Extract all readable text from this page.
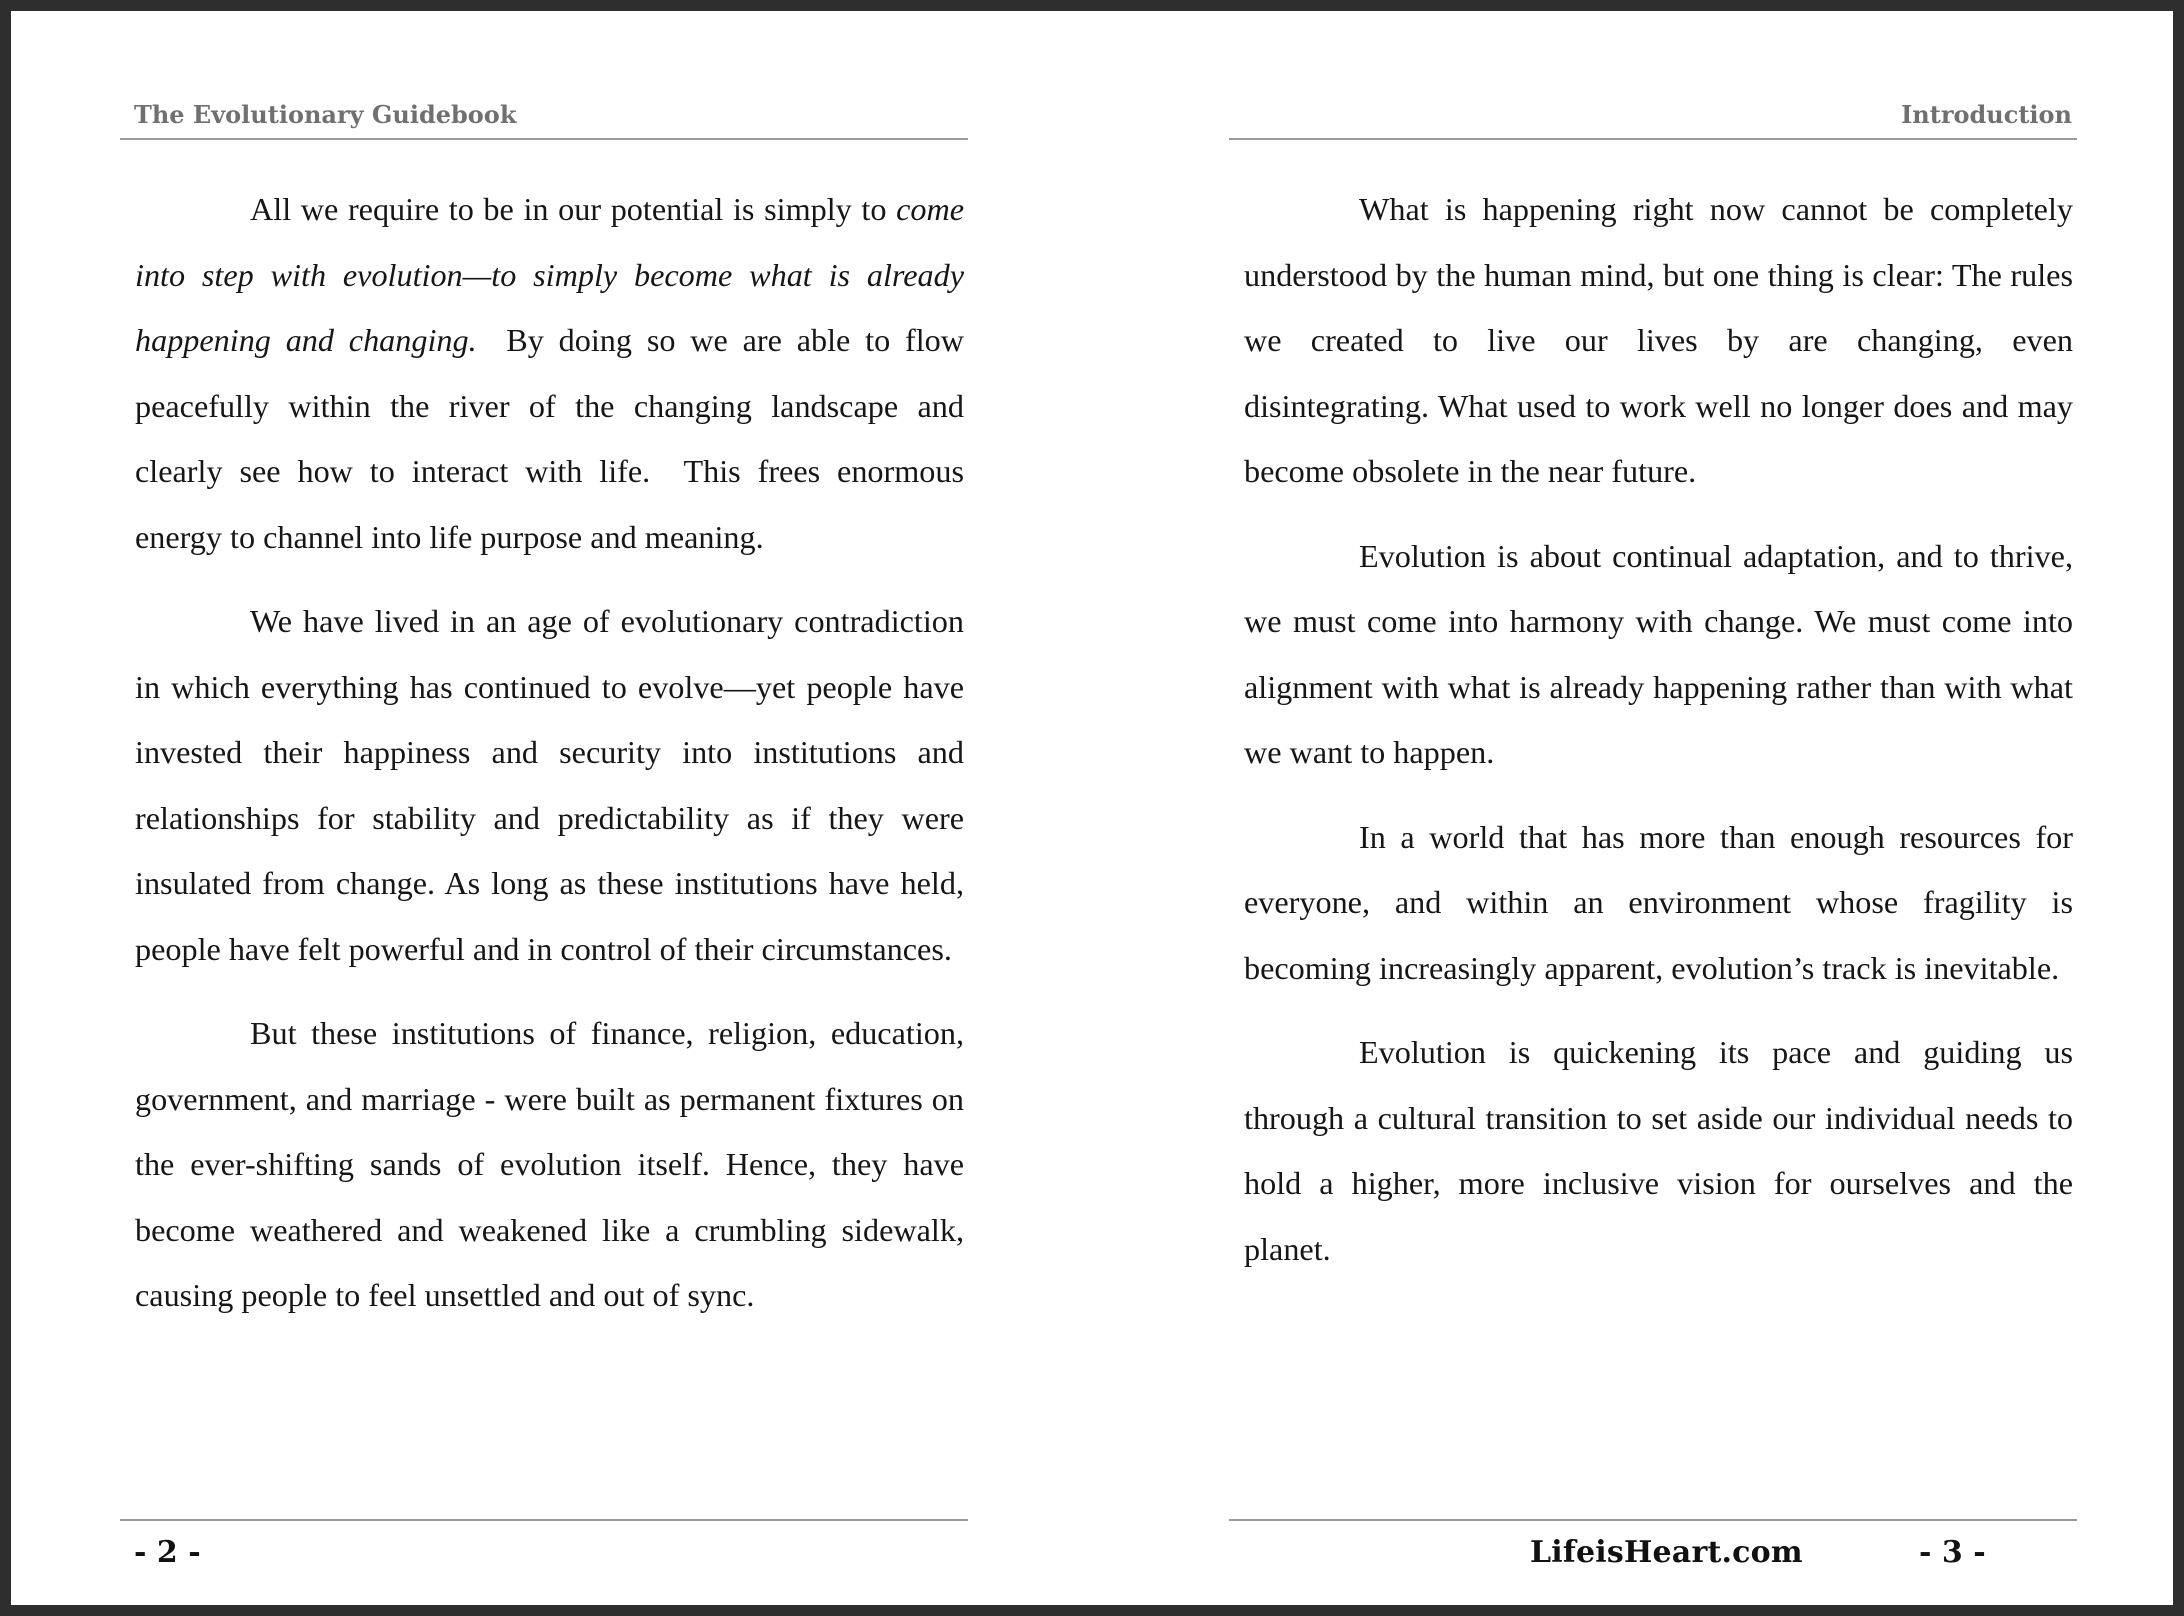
The Evolutionary Guidebook

All we require to be in our potential is simply to come into step with evolution—to simply become what is already happening and changing.  By doing so we are able to flow peacefully within the river of the changing landscape and clearly see how to interact with life.  This frees enormous energy to channel into life purpose and meaning.

We have lived in an age of evolutionary contradiction in which everything has continued to evolve—yet people have invested their happiness and security into institutions and relationships for stability and predictability as if they were insulated from change. As long as these institutions have held, people have felt powerful and in control of their circumstances.

But these institutions of finance, religion, education, government, and marriage - were built as permanent fixtures on the ever-shifting sands of evolution itself. Hence, they have become weathered and weakened like a crumbling sidewalk, causing people to feel unsettled and out of sync.

- 2 -
Introduction

What is happening right now cannot be completely understood by the human mind, but one thing is clear: The rules we created to live our lives by are changing, even disintegrating. What used to work well no longer does and may become obsolete in the near future.

Evolution is about continual adaptation, and to thrive, we must come into harmony with change. We must come into alignment with what is already happening rather than with what we want to happen.

In a world that has more than enough resources for everyone, and within an environment whose fragility is becoming increasingly apparent, evolution’s track is inevitable.

Evolution is quickening its pace and guiding us through a cultural transition to set aside our individual needs to hold a higher, more inclusive vision for ourselves and the planet.

LifeisHeart.com	- 3 -
